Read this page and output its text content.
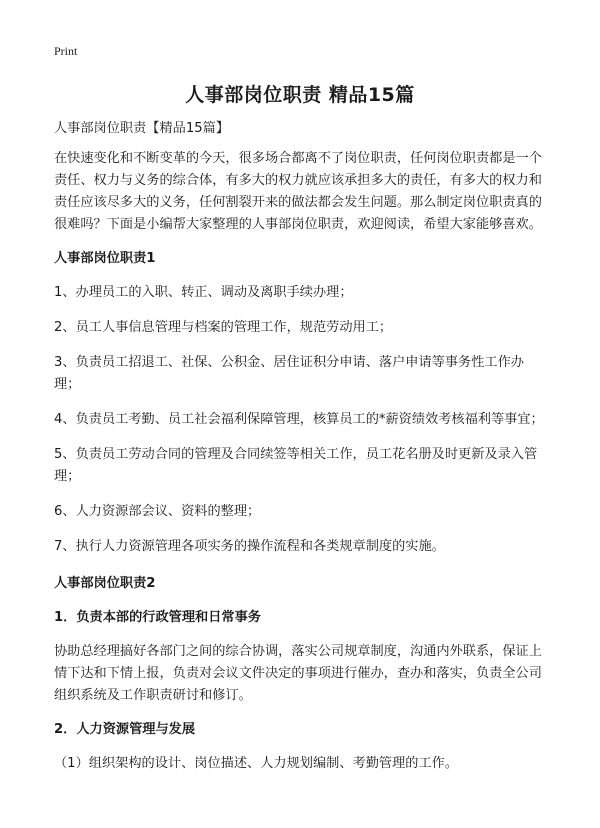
Print
人事部岗位职责 精品15篇

人事部岗位职责【精品15篇】

在快速变化和不断变革的今天，很多场合都离不了岗位职责，任何岗位职责都是一个责任、权力与义务的综合体，有多大的权力就应该承担多大的责任，有多大的权力和责任应该尽多大的义务，任何割裂开来的做法都会发生问题。那么制定岗位职责真的很难吗？下面是小编帮大家整理的人事部岗位职责，欢迎阅读，希望大家能够喜欢。

人事部岗位职责1

1、办理员工的入职、转正、调动及离职手续办理；

2、员工人事信息管理与档案的管理工作，规范劳动用工；

3、负责员工招退工、社保、公积金、居住证积分申请、落户申请等事务性工作办理；

4、负责员工考勤、员工社会福利保障管理，核算员工的*薪资绩效考核福利等事宜；

5、负责员工劳动合同的管理及合同续签等相关工作，员工花名册及时更新及录入管理；

6、人力资源部会议、资料的整理；

7、执行人力资源管理各项实务的操作流程和各类规章制度的实施。

人事部岗位职责2

1．负责本部的行政管理和日常事务

协助总经理搞好各部门之间的综合协调，落实公司规章制度，沟通内外联系，保证上情下达和下情上报，负责对会议文件决定的事项进行催办，查办和落实，负责全公司组织系统及工作职责研讨和修订。

2．人力资源管理与发展

（1）组织架构的设计、岗位描述、人力规划编制、考勤管理的工作。
